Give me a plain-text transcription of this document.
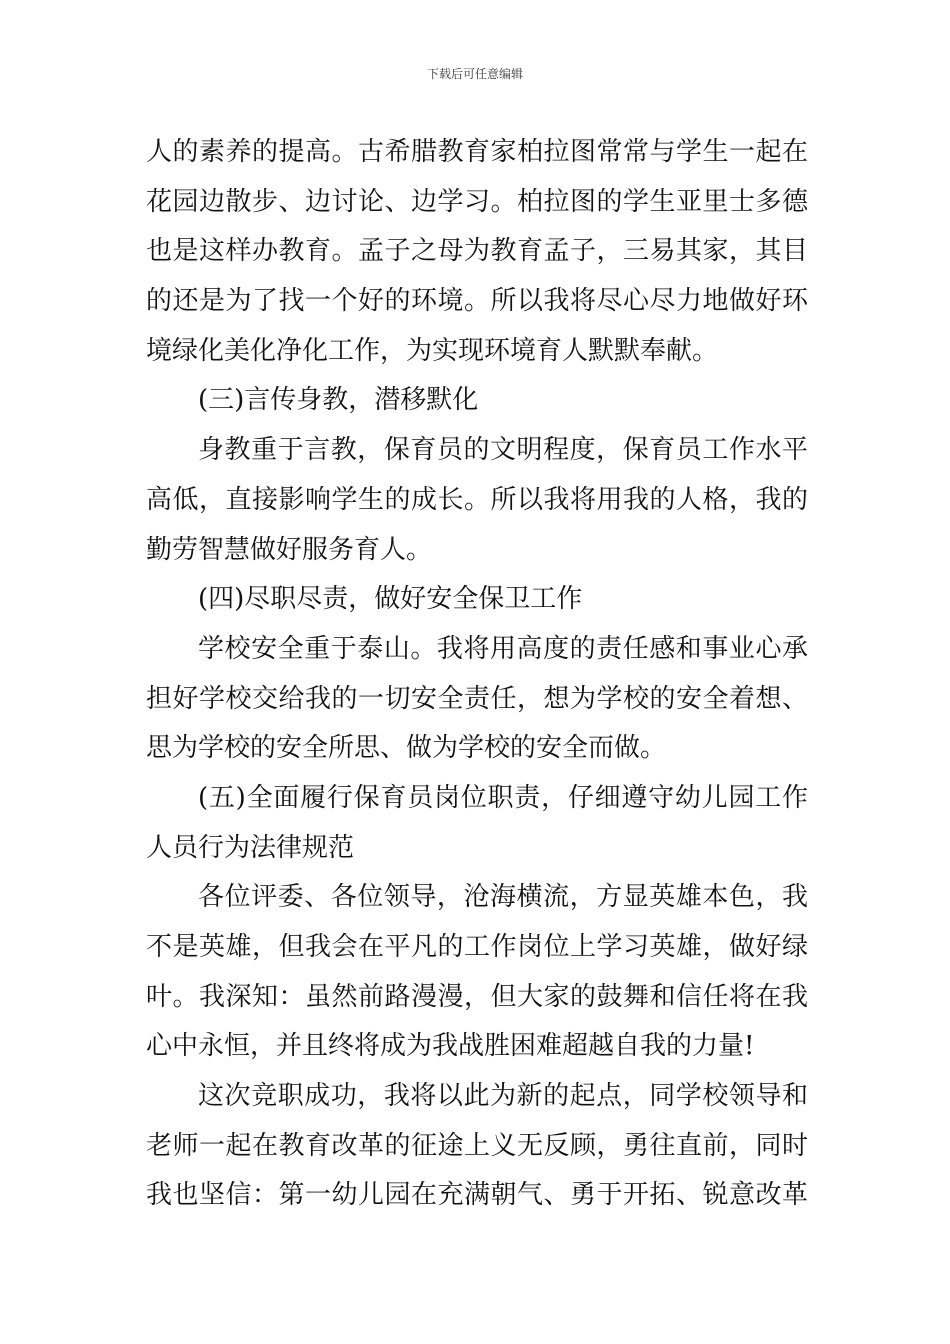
下载后可任意编辑
人的素养的提高。古希腊教育家柏拉图常常与学生一起在
花园边散步、边讨论、边学习。柏拉图的学生亚里士多德
也是这样办教育。孟子之母为教育孟子，三易其家，其目
的还是为了找一个好的环境。所以我将尽心尽力地做好环
境绿化美化净化工作，为实现环境育人默默奉献。
(三)言传身教，潜移默化
身教重于言教，保育员的文明程度，保育员工作水平
高低，直接影响学生的成长。所以我将用我的人格，我的
勤劳智慧做好服务育人。
(四)尽职尽责，做好安全保卫工作
学校安全重于泰山。我将用高度的责任感和事业心承
担好学校交给我的一切安全责任，想为学校的安全着想、
思为学校的安全所思、做为学校的安全而做。
(五)全面履行保育员岗位职责，仔细遵守幼儿园工作
人员行为法律规范
各位评委、各位领导，沧海横流，方显英雄本色，我
不是英雄，但我会在平凡的工作岗位上学习英雄，做好绿
叶。我深知：虽然前路漫漫，但大家的鼓舞和信任将在我
心中永恒，并且终将成为我战胜困难超越自我的力量!
这次竞职成功，我将以此为新的起点，同学校领导和
老师一起在教育改革的征途上义无反顾，勇往直前，同时
我也坚信：第一幼儿园在充满朝气、勇于开拓、锐意改革
